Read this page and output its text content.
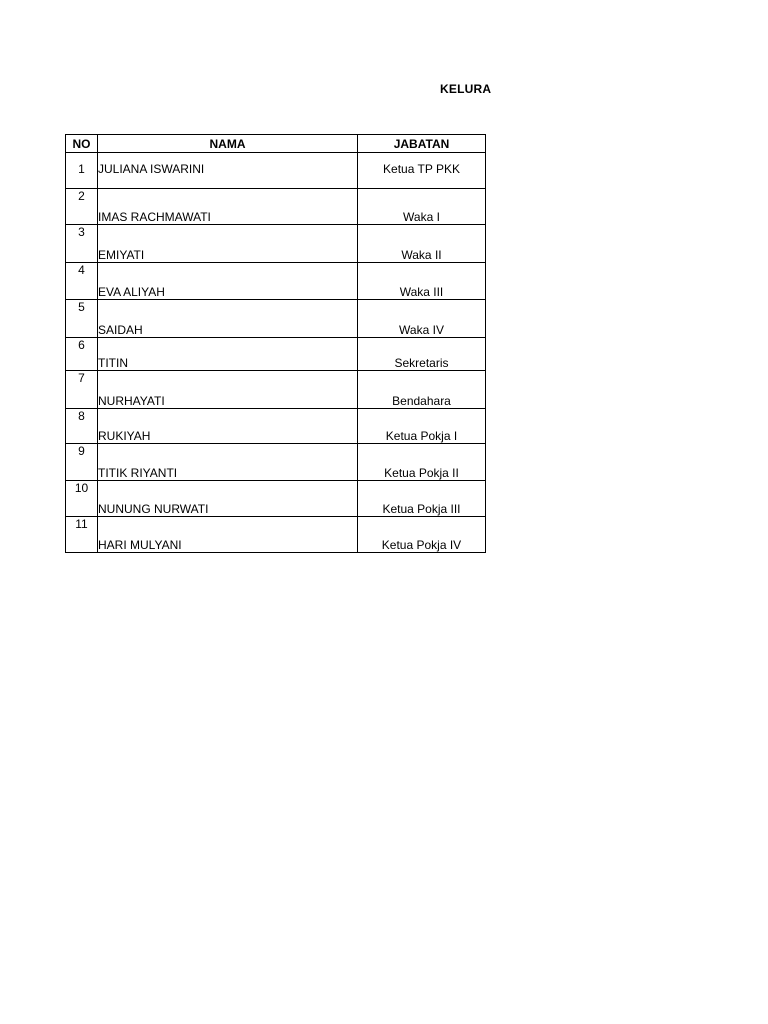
KELURA
NO	NAMA	JABATAN
1	JULIANA ISWARINI	Ketua TP PKK
2	IMAS RACHMAWATI	Waka I
3	EMIYATI	Waka II
4	EVA ALIYAH	Waka III
5	SAIDAH	Waka IV
6	TITIN	Sekretaris
7	NURHAYATI	Bendahara
8	RUKIYAH	Ketua Pokja I
9	TITIK RIYANTI	Ketua Pokja II
10	NUNUNG NURWATI	Ketua Pokja III
11	HARI MULYANI	Ketua Pokja IV
